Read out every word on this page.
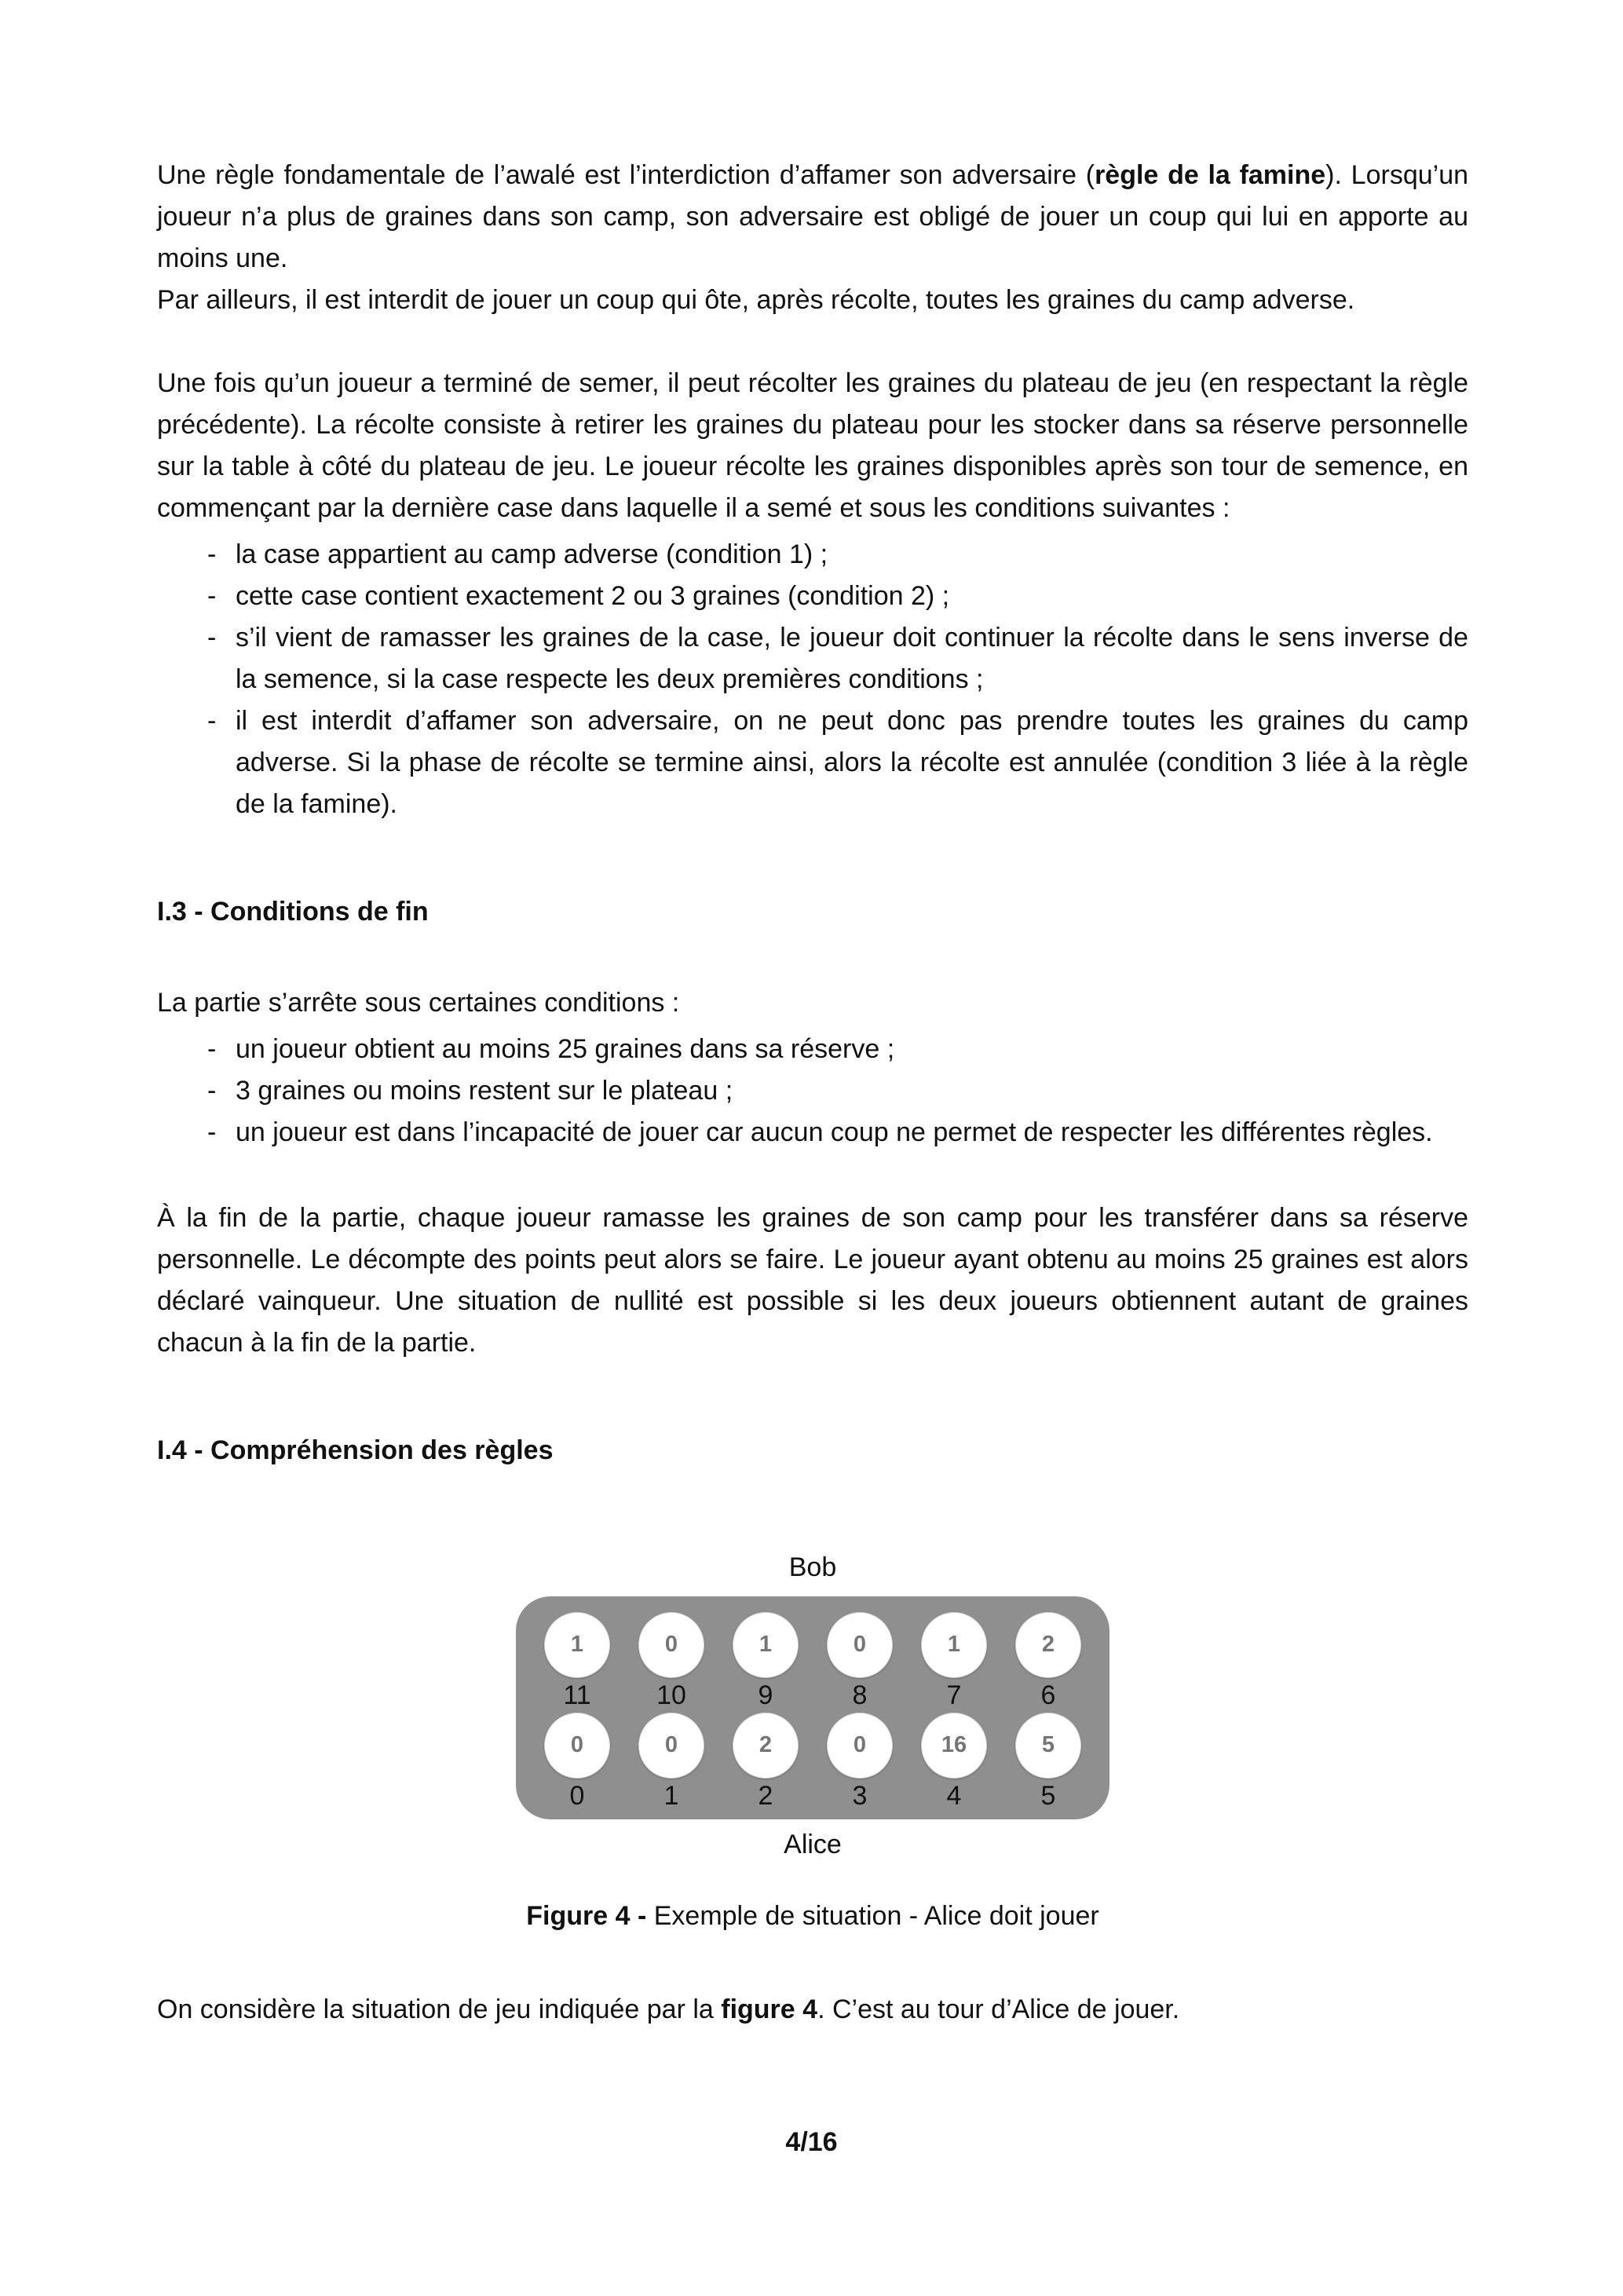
Une règle fondamentale de l’awalé est l’interdiction d’affamer son adversaire (règle de la famine). Lorsqu’un joueur n’a plus de graines dans son camp, son adversaire est obligé de jouer un coup qui lui en apporte au moins une.

Par ailleurs, il est interdit de jouer un coup qui ôte, après récolte, toutes les graines du camp adverse.

Une fois qu’un joueur a terminé de semer, il peut récolter les graines du plateau de jeu (en respectant la règle précédente). La récolte consiste à retirer les graines du plateau pour les stocker dans sa réserve personnelle sur la table à côté du plateau de jeu. Le joueur récolte les graines disponibles après son tour de semence, en commençant par la dernière case dans laquelle il a semé et sous les conditions suivantes :

- la case appartient au camp adverse (condition 1) ;
- cette case contient exactement 2 ou 3 graines (condition 2) ;
- s’il vient de ramasser les graines de la case, le joueur doit continuer la récolte dans le sens inverse de la semence, si la case respecte les deux premières conditions ;
- il est interdit d’affamer son adversaire, on ne peut donc pas prendre toutes les graines du camp adverse. Si la phase de récolte se termine ainsi, alors la récolte est annulée (condition 3 liée à la règle de la famine).
I.3 - Conditions de fin

La partie s’arrête sous certaines conditions :

- un joueur obtient au moins 25 graines dans sa réserve ;
- 3 graines ou moins restent sur le plateau ;
- un joueur est dans l’incapacité de jouer car aucun coup ne permet de respecter les différentes règles.

À la fin de la partie, chaque joueur ramasse les graines de son camp pour les transférer dans sa réserve personnelle. Le décompte des points peut alors se faire. Le joueur ayant obtenu au moins 25 graines est alors déclaré vainqueur. Une situation de nullité est possible si les deux joueurs obtiennent autant de graines chacun à la fin de la partie.

I.4 - Compréhension des règles
Bob
1
11
0
10
1
9
0
8
1
7
2
6
0
0
0
1
2
2
0
3
16
4
5
5
Alice
Figure 4 - Exemple de situation - Alice doit jouer

On considère la situation de jeu indiquée par la figure 4. C’est au tour d’Alice de jouer.

4/16
